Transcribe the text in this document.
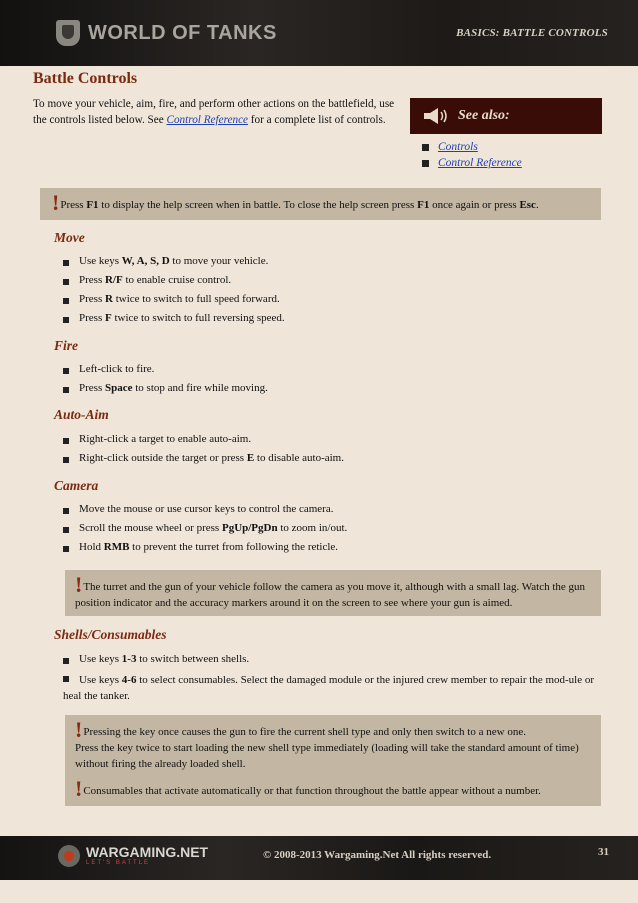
WORLD OF TANKS	BASICS: BATTLE CONTROLS
Battle Controls
To move your vehicle, aim, fire, and perform other actions on the battlefield, use the controls listed below. See Control Reference for a complete list of controls.	See also:
Controls
Control Reference
!Press F1 to display the help screen when in battle. To close the help screen press F1 once again or press Esc.
Move
Use keys W, A, S, D to move your vehicle.
Press R/F to enable cruise control.
Press R twice to switch to full speed forward.
Press F twice to switch to full reversing speed.
Fire
Left-click to fire.
Press Space to stop and fire while moving.
Auto-Aim
Right-click a target to enable auto-aim.
Right-click outside the target or press E to disable auto-aim.
Camera
Move the mouse or use cursor keys to control the camera.
Scroll the mouse wheel or press PgUp/PgDn to zoom in/out.
Hold RMB to prevent the turret from following the reticle.
!The turret and the gun of your vehicle follow the camera as you move it, although with a small lag. Watch the gun position indicator and the accuracy markers around it on the screen to see where your gun is aimed.
Shells/Consumables
Use keys 1-3 to switch between shells.
Use keys 4-6 to select consumables. Select the damaged module or the injured crew member to repair the mod-ule or heal the tanker.

!Pressing the key once causes the gun to fire the current shell type and only then switch to a new one.

Press the key twice to start loading the new shell type immediately (loading will take the standard amount of time) without firing the already loaded shell.

!Consumables that activate automatically or that function throughout the battle appear without a number.

WARGAMING.NET
LET'S BATTLE
© 2008-2013 Wargaming.Net All rights reserved.	31
